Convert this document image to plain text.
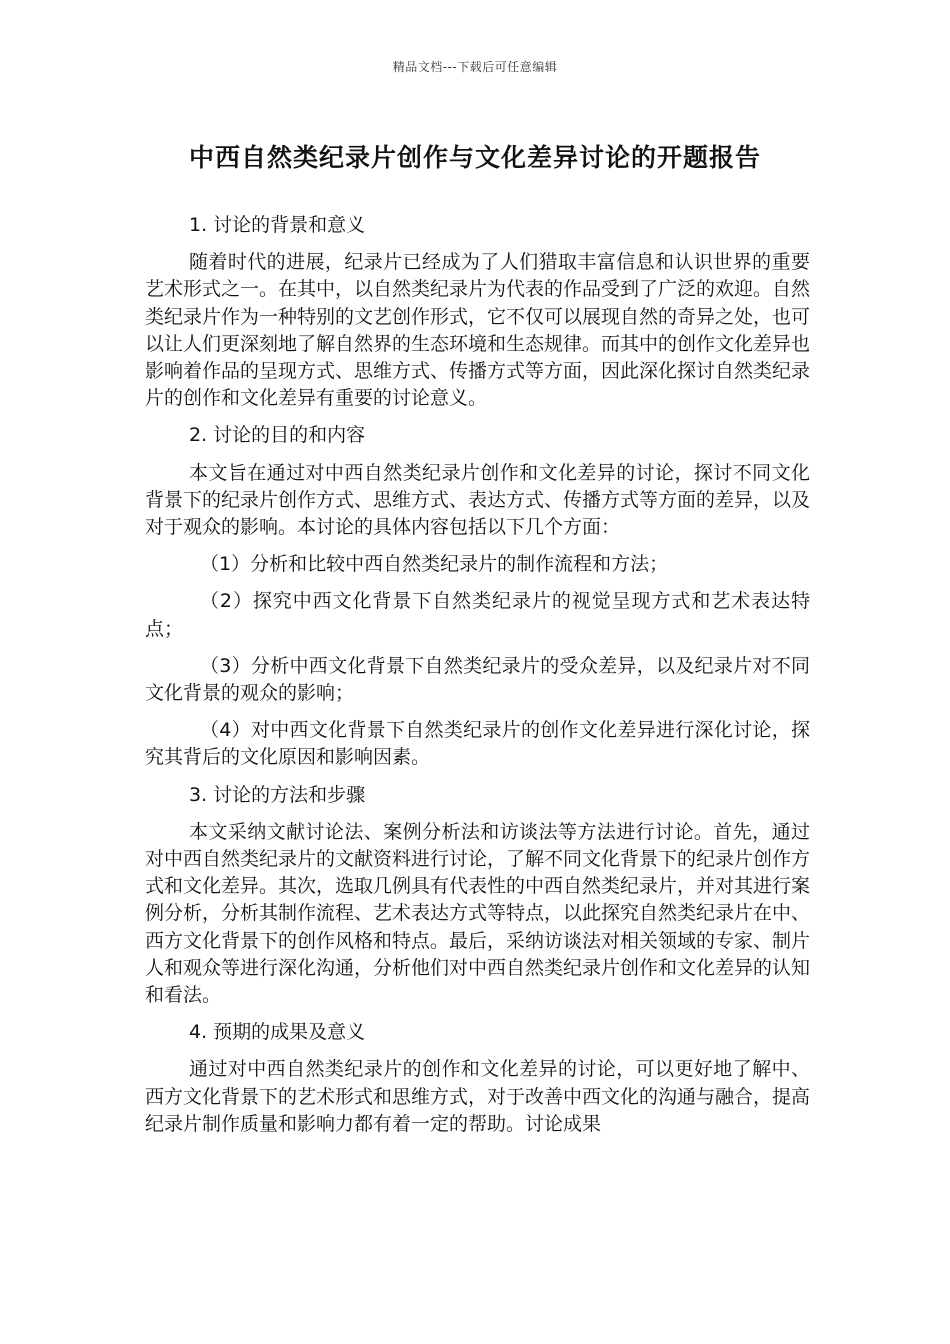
精品文档---下载后可任意编辑
中西自然类纪录片创作与文化差异讨论的开题报告

1. 讨论的背景和意义

随着时代的进展，纪录片已经成为了人们猎取丰富信息和认识世界的重要艺术形式之一。在其中，以自然类纪录片为代表的作品受到了广泛的欢迎。自然类纪录片作为一种特别的文艺创作形式，它不仅可以展现自然的奇异之处，也可以让人们更深刻地了解自然界的生态环境和生态规律。而其中的创作文化差异也影响着作品的呈现方式、思维方式、传播方式等方面，因此深化探讨自然类纪录片的创作和文化差异有重要的讨论意义。

2. 讨论的目的和内容

本文旨在通过对中西自然类纪录片创作和文化差异的讨论，探讨不同文化背景下的纪录片创作方式、思维方式、表达方式、传播方式等方面的差异，以及对于观众的影响。本讨论的具体内容包括以下几个方面：

（1）分析和比较中西自然类纪录片的制作流程和方法；

（2）探究中西文化背景下自然类纪录片的视觉呈现方式和艺术表达特点；

（3）分析中西文化背景下自然类纪录片的受众差异，以及纪录片对不同文化背景的观众的影响；

（4）对中西文化背景下自然类纪录片的创作文化差异进行深化讨论，探究其背后的文化原因和影响因素。

3. 讨论的方法和步骤

本文采纳文献讨论法、案例分析法和访谈法等方法进行讨论。首先，通过对中西自然类纪录片的文献资料进行讨论，了解不同文化背景下的纪录片创作方式和文化差异。其次，选取几例具有代表性的中西自然类纪录片，并对其进行案例分析，分析其制作流程、艺术表达方式等特点，以此探究自然类纪录片在中、西方文化背景下的创作风格和特点。最后，采纳访谈法对相关领域的专家、制片人和观众等进行深化沟通，分析他们对中西自然类纪录片创作和文化差异的认知和看法。

4. 预期的成果及意义

通过对中西自然类纪录片的创作和文化差异的讨论，可以更好地了解中、西方文化背景下的艺术形式和思维方式，对于改善中西文化的沟通与融合，提高纪录片制作质量和影响力都有着一定的帮助。讨论成果
